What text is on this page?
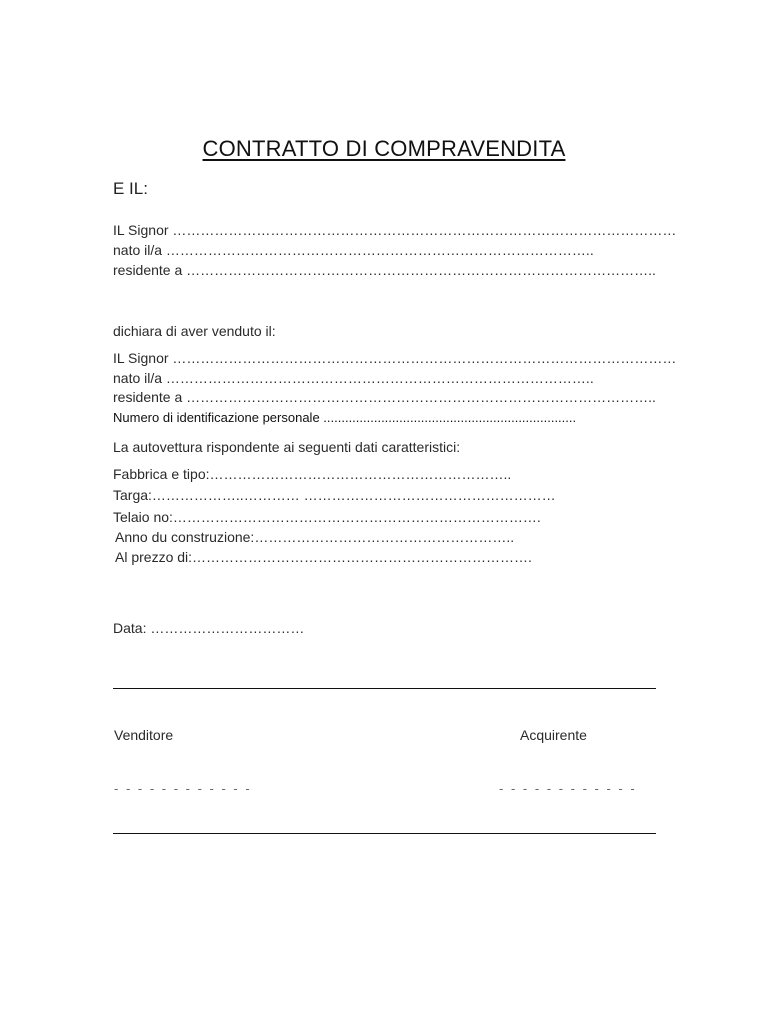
CONTRATTO DI COMPRAVENDITA
E IL:
IL Signor ………………………………………………………………………………………………
nato il/a ………………………………………………………………………………..
residente a ………………………………………………………………………………………..
dichiara di aver venduto il:
IL Signor ………………………………………………………………………………………………
nato il/a ………………………………………………………………………………..
residente a ………………………………………………………………………………………..
Numero di identificazione personale ......................................................................
La autovettura rispondente ai seguenti dati caratteristici:
Fabbrica e tipo:………………………………………………………..
Targa:………………..………… ………………………………………………
Telaio no:…………………………………………………………………….
Anno du construzione:………………………………………………..
Al prezzo di:……………………………………………………………….
Data: ……………………………
Venditore	Acquirente
- - - - - - - - - - - -	- - - - - - - - - - - -
